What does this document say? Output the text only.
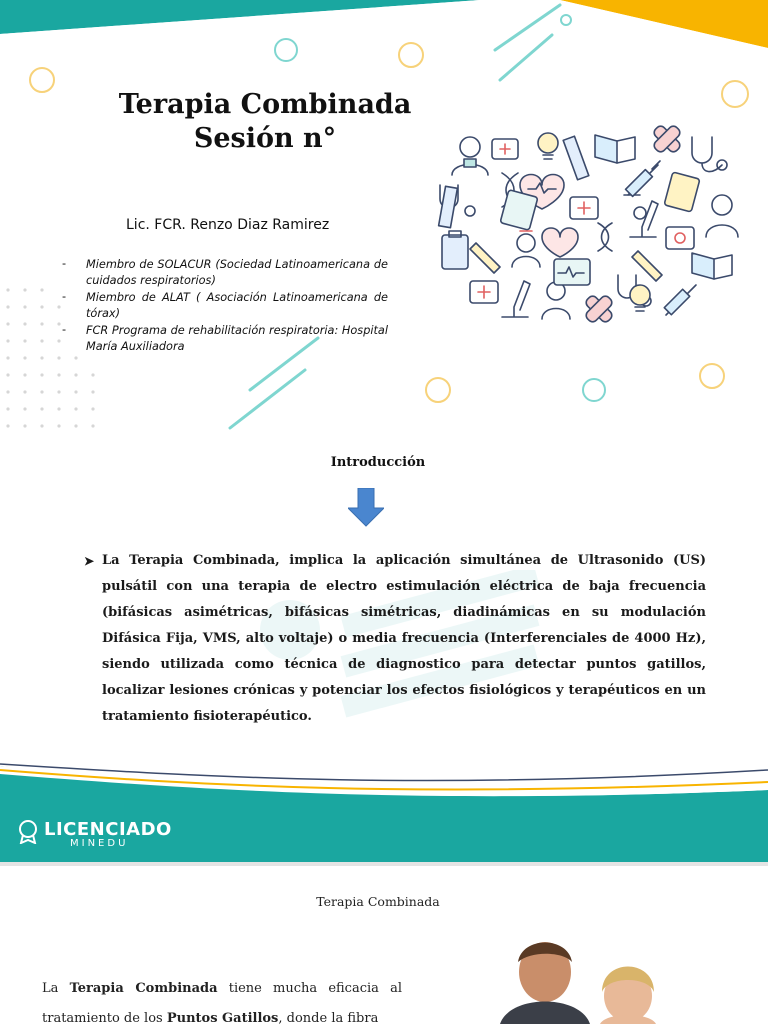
Terapia Combinada
Sesión n°
Lic. FCR. Renzo Diaz Ramirez
- Miembro de SOLACUR (Sociedad Latinoamericana de cuidados respiratorios)
- Miembro de ALAT ( Asociación Latinoamericana de tórax)
- FCR Programa de rehabilitación respiratoria: Hospital María Auxiliadora
Introducción
➤ La Terapia Combinada, implica la aplicación simultánea de Ultrasonido (US) pulsátil con una terapia de electro estimulación eléctrica de baja frecuencia (bifásicas asimétricas, bifásicas simétricas, diadinámicas en su modulación Difásica Fija, VMS, alto voltaje) o media frecuencia (Interferenciales de 4000 Hz), siendo utilizada como técnica de diagnostico para detectar puntos gatillos, localizar lesiones crónicas y potenciar los efectos fisiológicos y terapéuticos en un tratamiento fisioterapéutico.
LICENCIADO
MINEDU
Terapia Combinada
La Terapia Combinada tiene mucha eficacia al tratamiento de los Puntos Gatillos, donde la fibra
